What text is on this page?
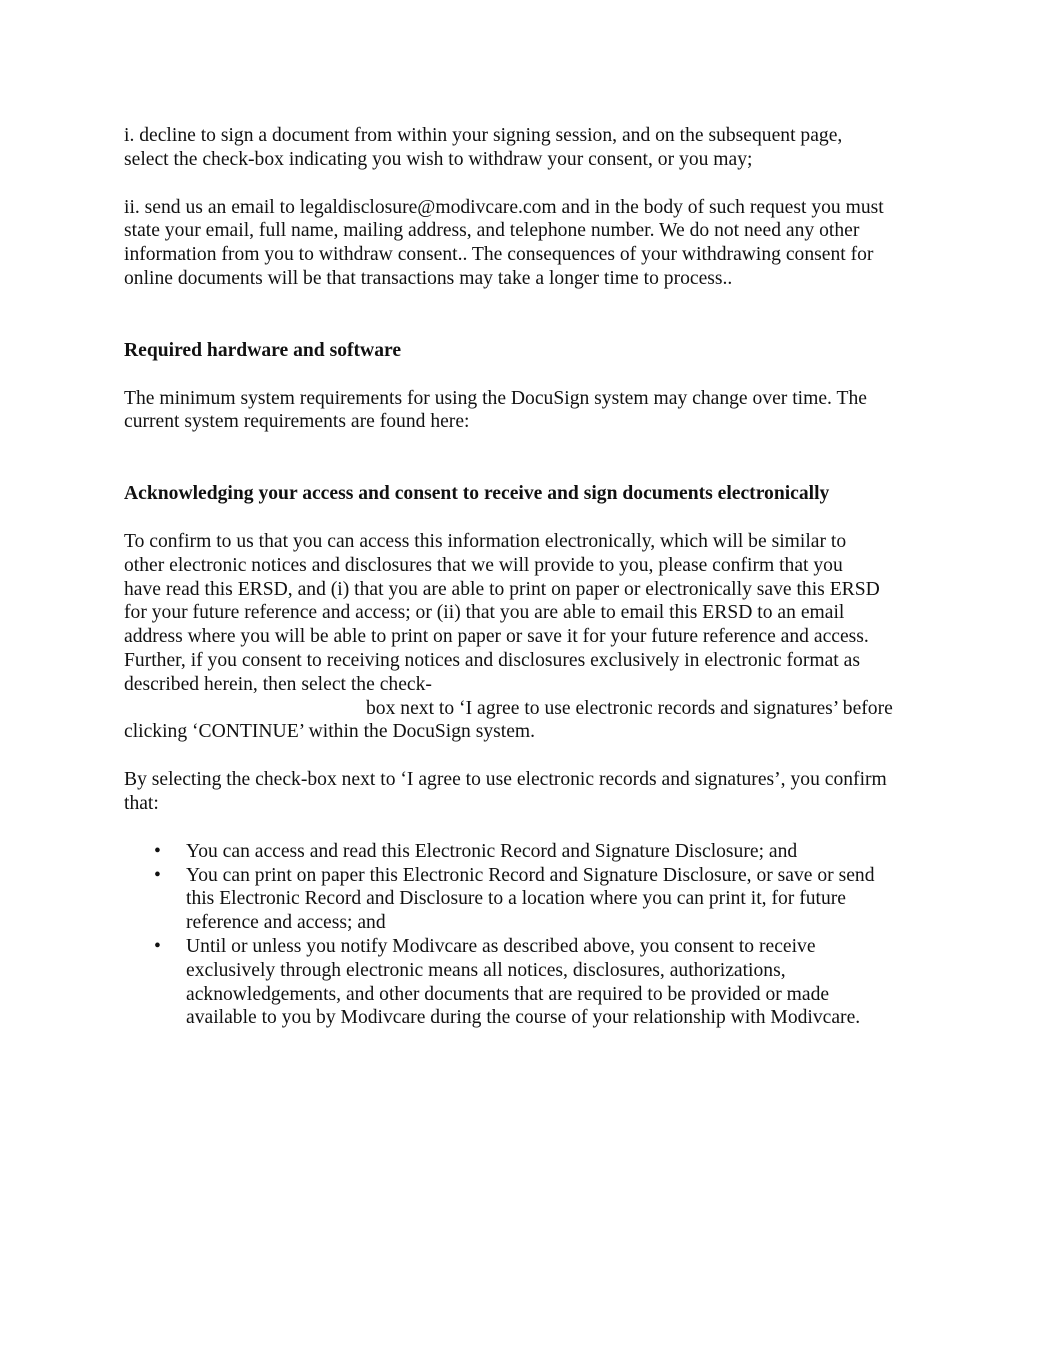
i. decline to sign a document from within your signing session, and on the subsequent page,
select the check-box indicating you wish to withdraw your consent, or you may;

ii. send us an email to legaldisclosure@modivcare.com and in the body of such request you must
state your email, full name, mailing address, and telephone number. We do not need any other
information from you to withdraw consent.. The consequences of your withdrawing consent for
online documents will be that transactions may take a longer time to process..

Required hardware and software

The minimum system requirements for using the DocuSign system may change over time. The
current system requirements are found here:

Acknowledging your access and consent to receive and sign documents electronically

To confirm to us that you can access this information electronically, which will be similar to
other electronic notices and disclosures that we will provide to you, please confirm that you
have read this ERSD, and (i) that you are able to print on paper or electronically save this ERSD
for your future reference and access; or (ii) that you are able to email this ERSD to an email
address where you will be able to print on paper or save it for your future reference and access.
Further, if you consent to receiving notices and disclosures exclusively in electronic format as
described herein, then select the check-
box next to ‘I agree to use electronic records and signatures’ before
clicking ‘CONTINUE’ within the DocuSign system.

By selecting the check-box next to ‘I agree to use electronic records and signatures’, you confirm
that:

• You can access and read this Electronic Record and Signature Disclosure; and
• You can print on paper this Electronic Record and Signature Disclosure, or save or send
this Electronic Record and Disclosure to a location where you can print it, for future
reference and access; and
• Until or unless you notify Modivcare as described above, you consent to receive
exclusively through electronic means all notices, disclosures, authorizations,
acknowledgements, and other documents that are required to be provided or made
available to you by Modivcare during the course of your relationship with Modivcare.
